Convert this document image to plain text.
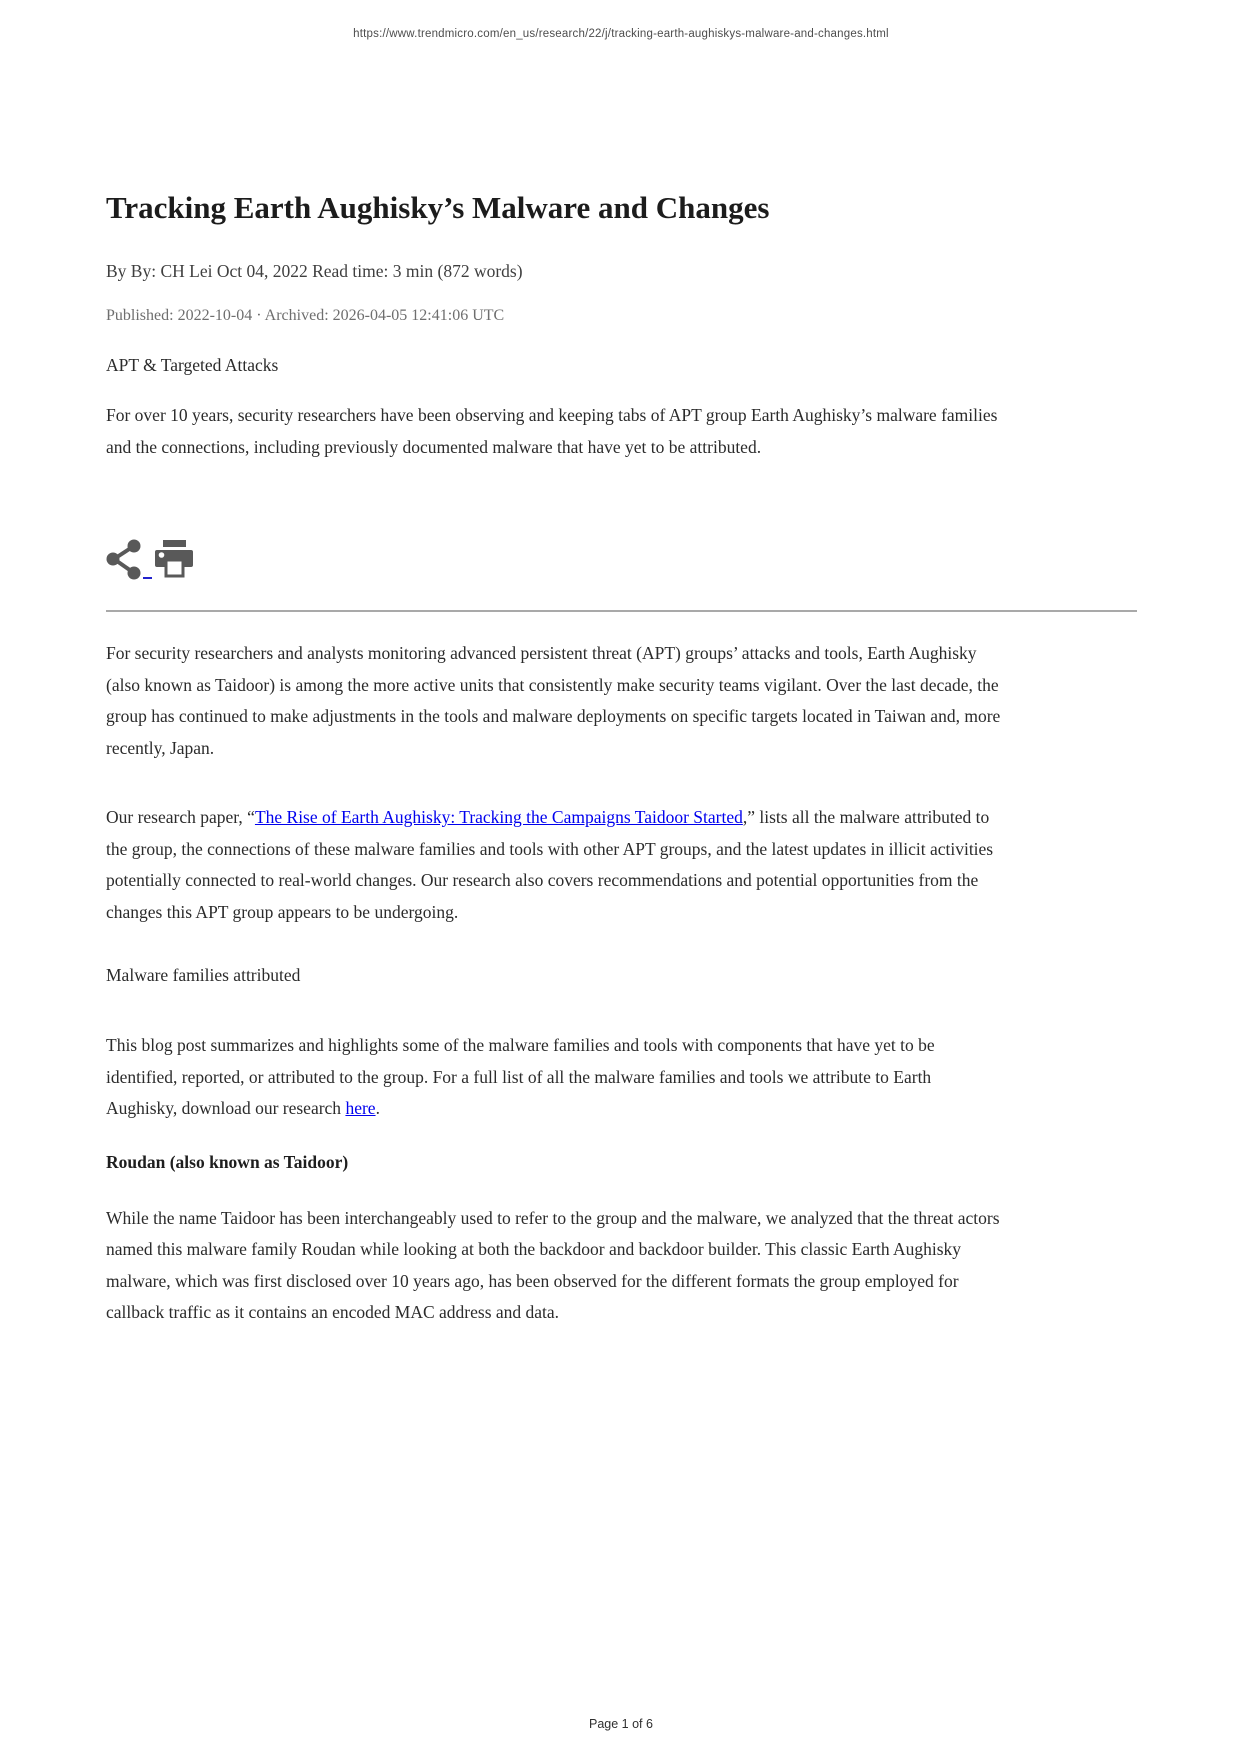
https://www.trendmicro.com/en_us/research/22/j/tracking-earth-aughiskys-malware-and-changes.html
Tracking Earth Aughisky’s Malware and Changes

By By: CH Lei Oct 04, 2022 Read time: 3 min (872 words)

Published: 2022-10-04 · Archived: 2026-04-05 12:41:06 UTC

APT & Targeted Attacks

For over 10 years, security researchers have been observing and keeping tabs of APT group Earth Aughisky’s malware families and the connections, including previously documented malware that have yet to be attributed.

For security researchers and analysts monitoring advanced persistent threat (APT) groups’ attacks and tools, Earth Aughisky (also known as Taidoor) is among the more active units that consistently make security teams vigilant. Over the last decade, the group has continued to make adjustments in the tools and malware deployments on specific targets located in Taiwan and, more recently, Japan.

Our research paper, “The Rise of Earth Aughisky: Tracking the Campaigns Taidoor Started,” lists all the malware attributed to the group, the connections of these malware families and tools with other APT groups, and the latest updates in illicit activities potentially connected to real-world changes. Our research also covers recommendations and potential opportunities from the changes this APT group appears to be undergoing.

Malware families attributed

This blog post summarizes and highlights some of the malware families and tools with components that have yet to be identified, reported, or attributed to the group. For a full list of all the malware families and tools we attribute to Earth Aughisky, download our research here.

Roudan (also known as Taidoor)

While the name Taidoor has been interchangeably used to refer to the group and the malware, we analyzed that the threat actors named this malware family Roudan while looking at both the backdoor and backdoor builder. This classic Earth Aughisky malware, which was first disclosed over 10 years ago, has been observed for the different formats the group employed for callback traffic as it contains an encoded MAC address and data.

Page 1 of 6
